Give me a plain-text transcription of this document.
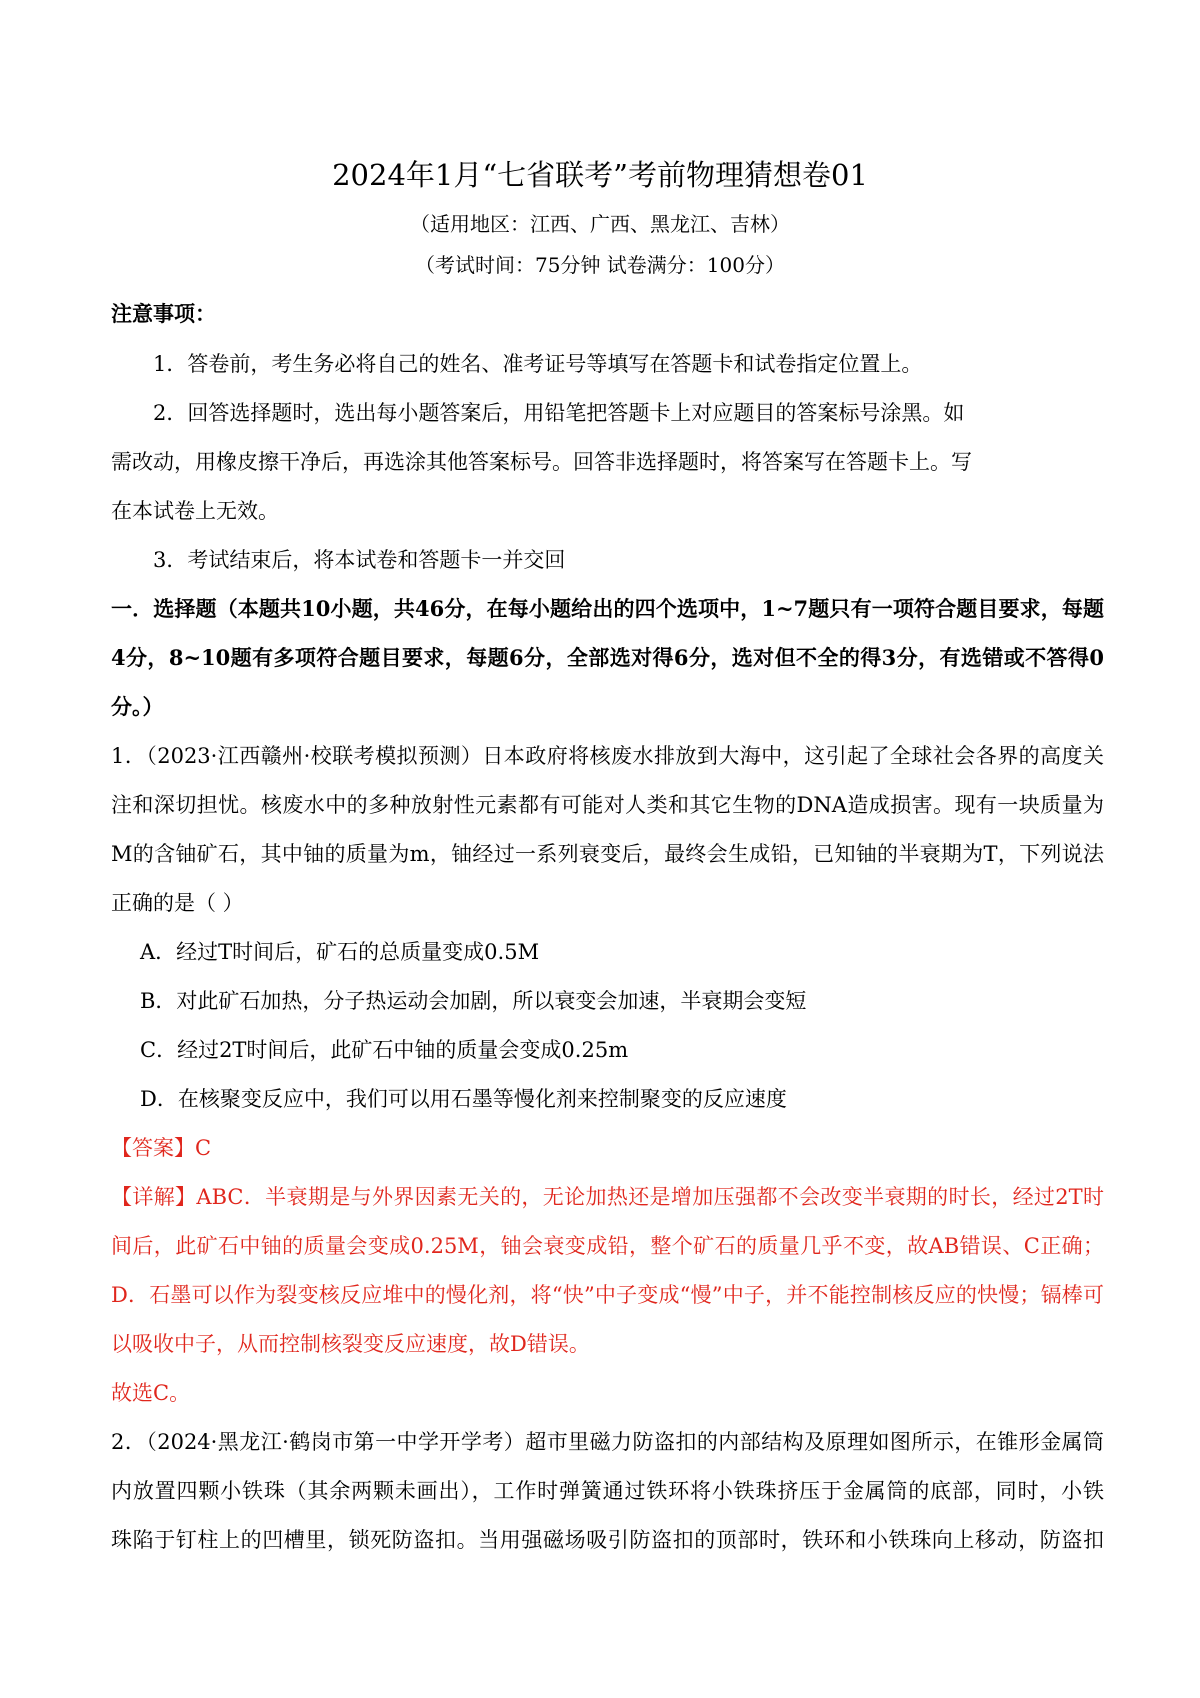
2024年1月“七省联考”考前物理猜想卷01
（适用地区：江西、广西、黑龙江、吉林）
（考试时间：75分钟 试卷满分：100分）
注意事项：
1．答卷前，考生务必将自己的姓名、准考证号等填写在答题卡和试卷指定位置上。
2．回答选择题时，选出每小题答案后，用铅笔把答题卡上对应题目的答案标号涂黑。如
需改动，用橡皮擦干净后，再选涂其他答案标号。回答非选择题时，将答案写在答题卡上。写
在本试卷上无效。
3．考试结束后，将本试卷和答题卡一并交回
一．选择题（本题共10小题，共46分，在每小题给出的四个选项中，1~7题只有一项符合题目要求，每题
4分，8~10题有多项符合题目要求，每题6分，全部选对得6分，选对但不全的得3分，有选错或不答得0
分。）
1．（2023·江西赣州·校联考模拟预测）日本政府将核废水排放到大海中，这引起了全球社会各界的高度关
注和深切担忧。核废水中的多种放射性元素都有可能对人类和其它生物的DNA造成损害。现有一块质量为
M的含铀矿石，其中铀的质量为m，铀经过一系列衰变后，最终会生成铅，已知铀的半衰期为T，下列说法
正确的是（ ）
A．经过T时间后，矿石的总质量变成0.5M
B．对此矿石加热，分子热运动会加剧，所以衰变会加速，半衰期会变短
C．经过2T时间后，此矿石中铀的质量会变成0.25m
D．在核聚变反应中，我们可以用石墨等慢化剂来控制聚变的反应速度
【答案】C
【详解】ABC．半衰期是与外界因素无关的，无论加热还是增加压强都不会改变半衰期的时长，经过2T时
间后，此矿石中铀的质量会变成0.25M，铀会衰变成铅，整个矿石的质量几乎不变，故AB错误、C正确；
D．石墨可以作为裂变核反应堆中的慢化剂，将“快”中子变成“慢”中子，并不能控制核反应的快慢；镉棒可
以吸收中子，从而控制核裂变反应速度，故D错误。
故选C。
2．（2024·黑龙江·鹤岗市第一中学开学考）超市里磁力防盗扣的内部结构及原理如图所示，在锥形金属筒
内放置四颗小铁珠（其余两颗未画出），工作时弹簧通过铁环将小铁珠挤压于金属筒的底部，同时，小铁
珠陷于钉柱上的凹槽里，锁死防盗扣。当用强磁场吸引防盗扣的顶部时，铁环和小铁珠向上移动，防盗扣
